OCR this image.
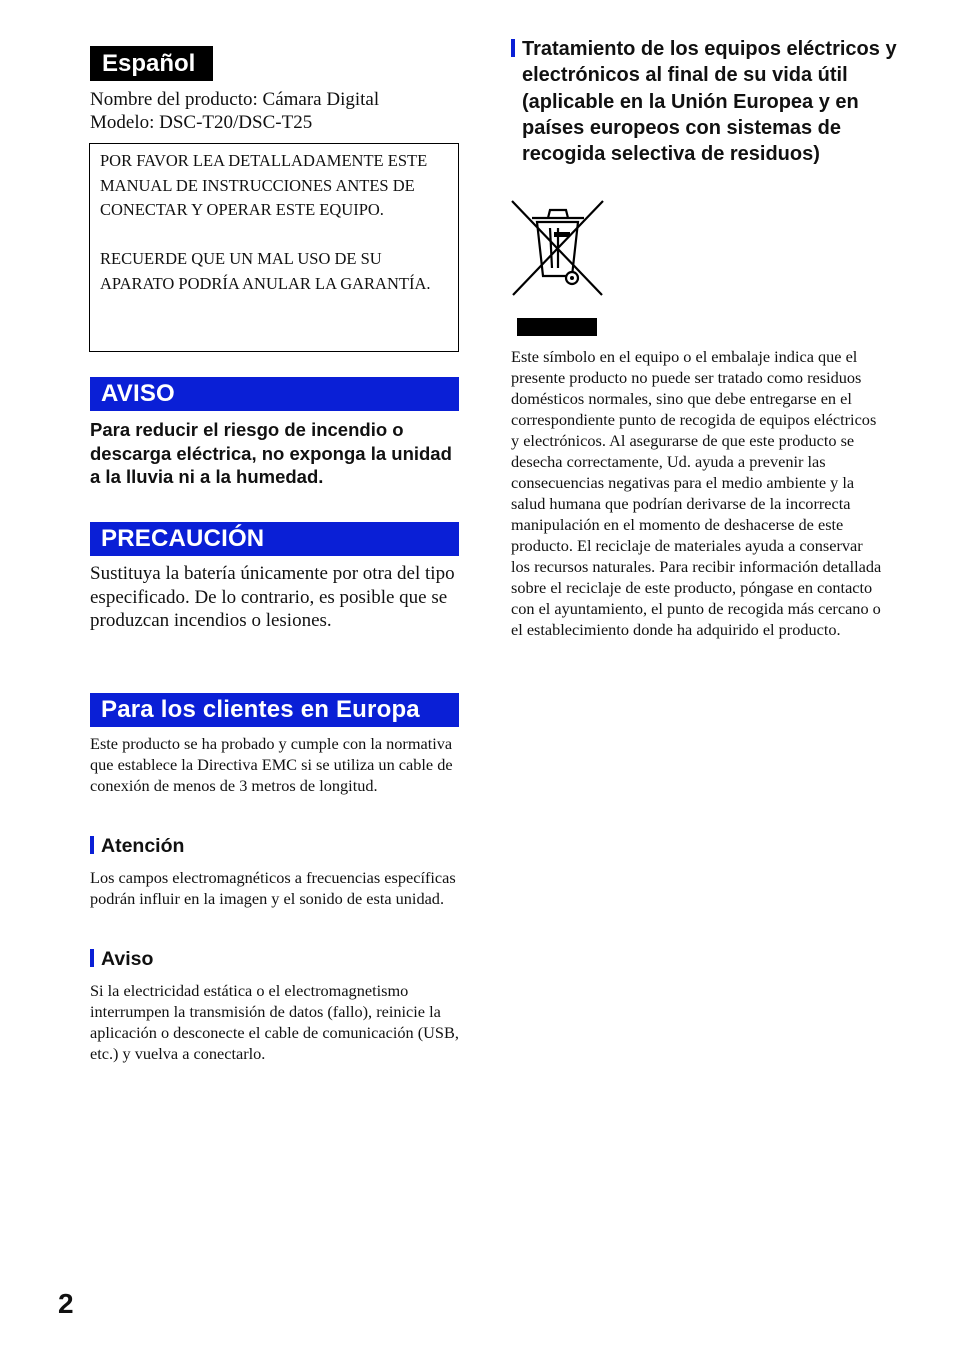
Español
Nombre del producto: Cámara Digital
Modelo: DSC-T20/DSC-T25

POR FAVOR LEA DETALLADAMENTE ESTE MANUAL DE INSTRUCCIONES ANTES DE CONECTAR Y OPERAR ESTE EQUIPO.

RECUERDE QUE UN MAL USO DE SU APARATO PODRÍA ANULAR LA GARANTÍA.

AVISO
Para reducir el riesgo de incendio o descarga eléctrica, no exponga la unidad a la lluvia ni a la humedad.
PRECAUCIÓN
Sustituya la batería únicamente por otra del tipo especificado. De lo contrario, es posible que se produzcan incendios o lesiones.
Para los clientes en Europa
Este producto se ha probado y cumple con la normativa que establece la Directiva EMC si se utiliza un cable de conexión de menos de 3 metros de longitud.
Atención
Los campos electromagnéticos a frecuencias específicas podrán influir en la imagen y el sonido de esta unidad.
Aviso
Si la electricidad estática o el electromagnetismo interrumpen la transmisión de datos (fallo), reinicie la aplicación o desconecte el cable de comunicación (USB, etc.) y vuelva a conectarlo.
Tratamiento de los equipos eléctricos y electrónicos al final de su vida útil (aplicable en la Unión Europea y en países europeos con sistemas de recogida selectiva de residuos)
Este símbolo en el equipo o el embalaje indica que el presente producto no puede ser tratado como residuos domésticos normales, sino que debe entregarse en el correspondiente punto de recogida de equipos eléctricos y electrónicos. Al asegurarse de que este producto se desecha correctamente, Ud. ayuda a prevenir las consecuencias negativas para el medio ambiente y la salud humana que podrían derivarse de la incorrecta manipulación en el momento de deshacerse de este producto. El reciclaje de materiales ayuda a conservar los recursos naturales. Para recibir información detallada sobre el reciclaje de este producto, póngase en contacto con el ayuntamiento, el punto de recogida más cercano o el establecimiento donde ha adquirido el producto.
2
